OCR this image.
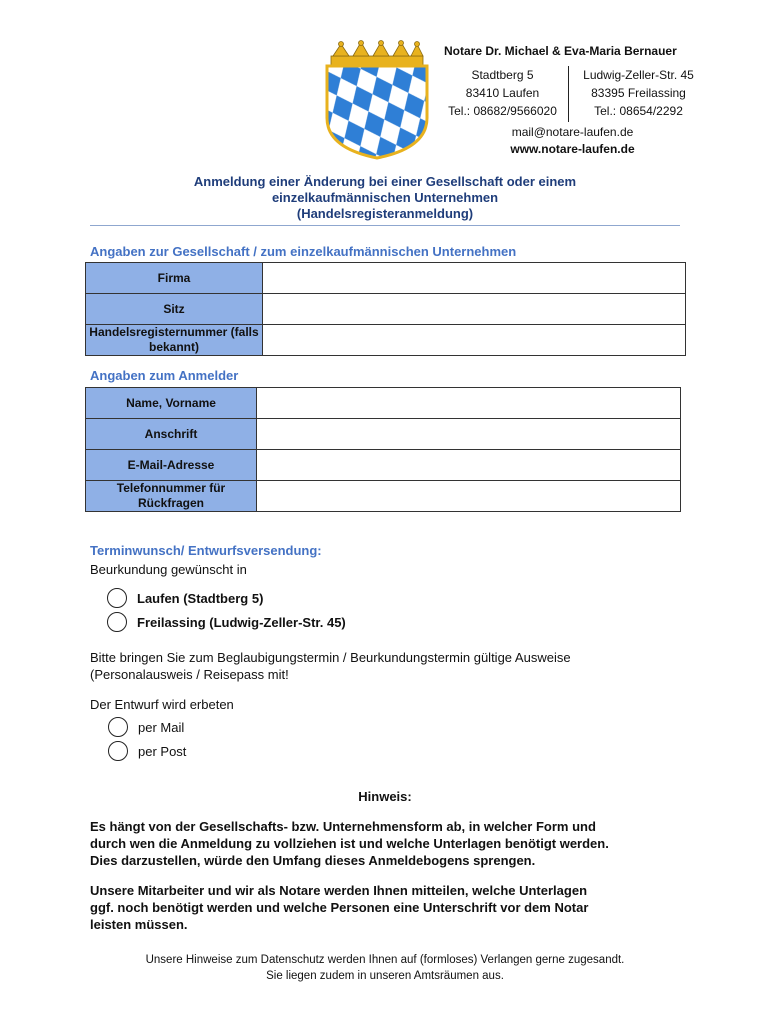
Notare Dr. Michael & Eva-Maria Bernauer
Stadtberg 5
83410 Laufen
Tel.: 08682/9566020
Ludwig-Zeller-Str. 45
83395 Freilassing
Tel.: 08654/2292
mail@notare-laufen.de
www.notare-laufen.de
Anmeldung einer Änderung bei einer Gesellschaft oder einem
einzelkaufmännischen Unternehmen
(Handelsregisteranmeldung)
Angaben zur Gesellschaft / zum einzelkaufmännischen Unternehmen
Firma	
Sitz	
Handelsregisternummer (falls bekannt)	
Angaben zum Anmelder
Name, Vorname	
Anschrift	
E-Mail-Adresse	
Telefonnummer für Rückfragen	
Terminwunsch/ Entwurfsversendung:
Beurkundung gewünscht in
Laufen (Stadtberg 5)
Freilassing (Ludwig-Zeller-Str. 45)
Bitte bringen Sie zum Beglaubigungstermin / Beurkundungstermin gültige Ausweise
(Personalausweis / Reisepass mit!
Der Entwurf wird erbeten
per Mail
per Post
Hinweis:
Es hängt von der Gesellschafts- bzw. Unternehmensform ab, in welcher Form und
durch wen die Anmeldung zu vollziehen ist und welche Unterlagen benötigt werden.
Dies darzustellen, würde den Umfang dieses Anmeldebogens sprengen.
Unsere Mitarbeiter und wir als Notare werden Ihnen mitteilen, welche Unterlagen
ggf. noch benötigt werden und welche Personen eine Unterschrift vor dem Notar
leisten müssen.
Unsere Hinweise zum Datenschutz werden Ihnen auf (formloses) Verlangen gerne zugesandt.
Sie liegen zudem in unseren Amtsräumen aus.
